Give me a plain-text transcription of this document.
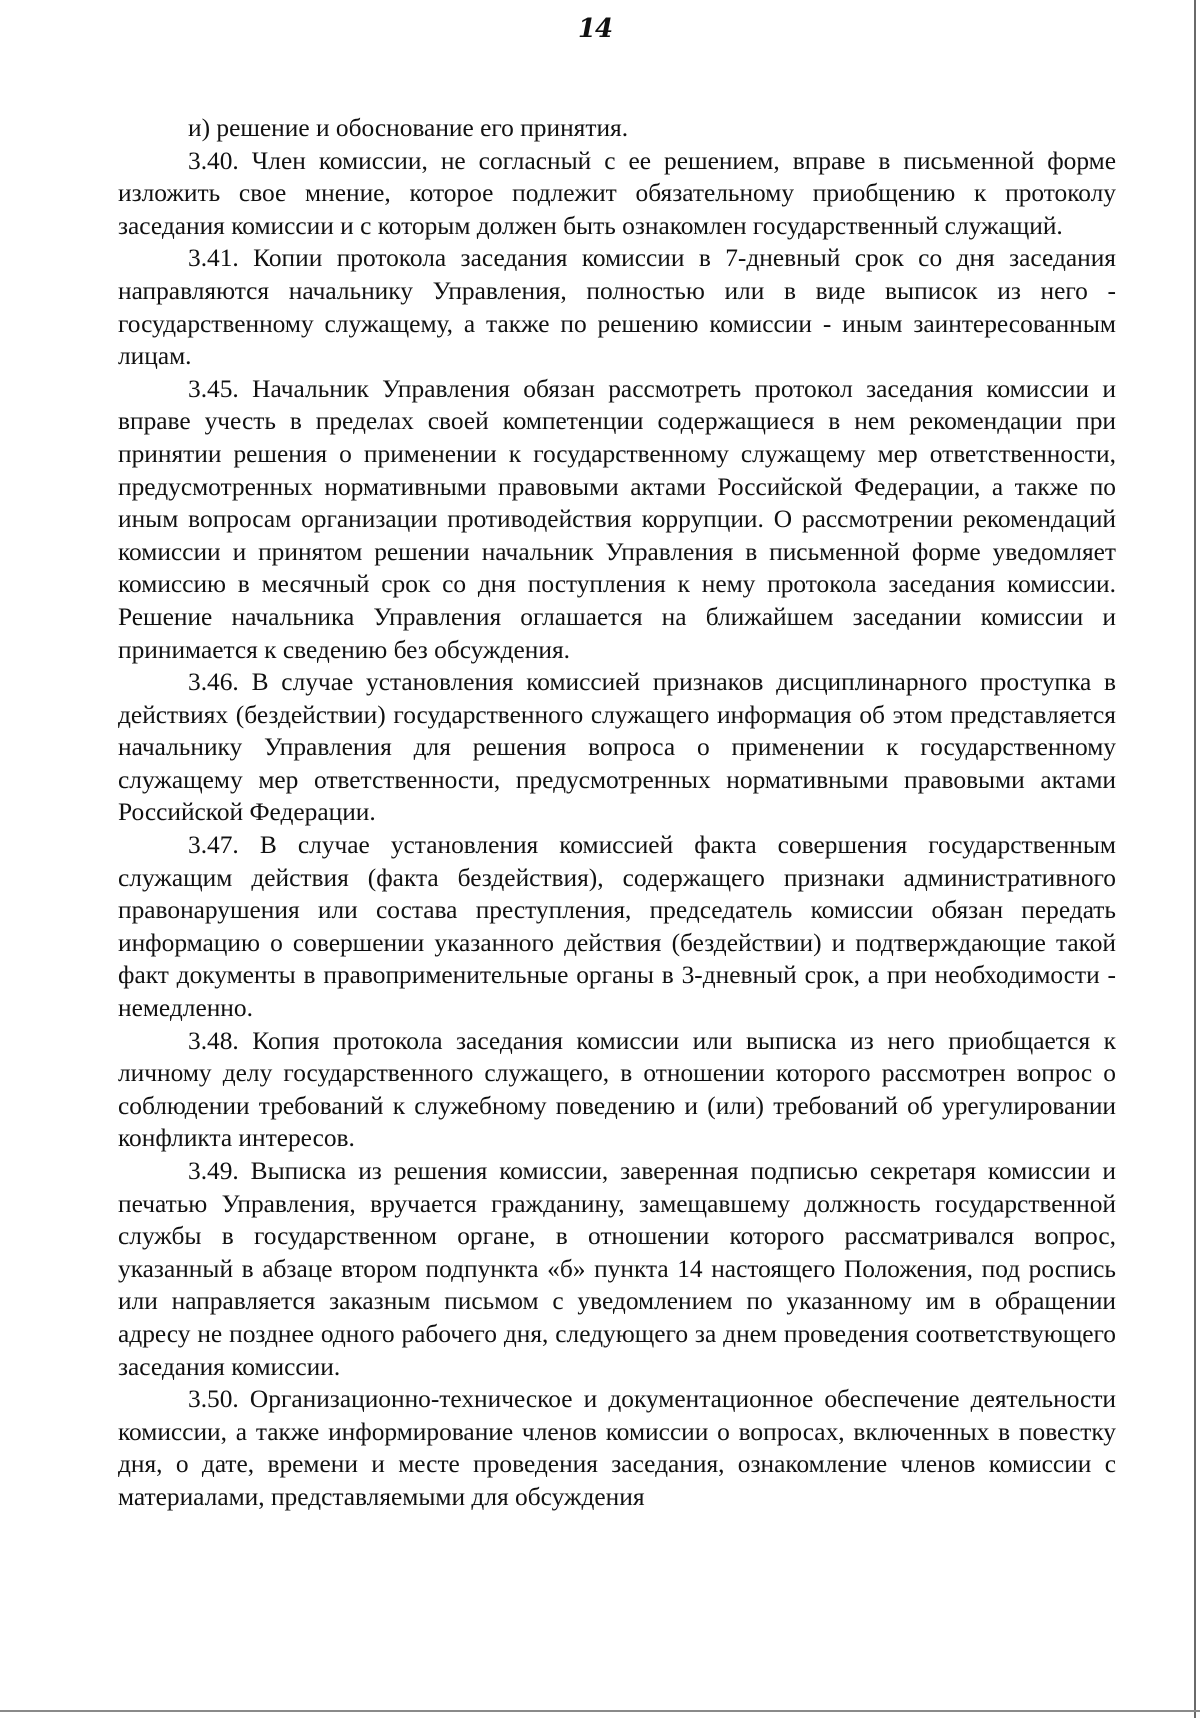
14

и) решение и обоснование его принятия.

3.40. Член комиссии, не согласный с ее решением, вправе в письменной форме изложить свое мнение, которое подлежит обязательному приобщению к протоколу заседания комиссии и с которым должен быть ознакомлен государственный служащий.

3.41. Копии протокола заседания комиссии в 7-дневный срок со дня заседания направляются начальнику Управления, полностью или в виде выписок из него - государственному служащему, а также по решению комиссии - иным заинтересованным лицам.

3.45. Начальник Управления обязан рассмотреть протокол заседания комиссии и вправе учесть в пределах своей компетенции содержащиеся в нем рекомендации при принятии решения о применении к государственному служащему мер ответственности, предусмотренных нормативными правовыми актами Российской Федерации, а также по иным вопросам организации противодействия коррупции. О рассмотрении рекомендаций комиссии и принятом решении начальник Управления в письменной форме уведомляет комиссию в месячный срок со дня поступления к нему протокола заседания комиссии. Решение начальника Управления оглашается на ближайшем заседании комиссии и принимается к сведению без обсуждения.

3.46. В случае установления комиссией признаков дисциплинарного проступка в действиях (бездействии) государственного служащего информация об этом представляется начальнику Управления для решения вопроса о применении к государственному служащему мер ответственности, предусмотренных нормативными правовыми актами Российской Федерации.

3.47. В случае установления комиссией факта совершения государственным служащим действия (факта бездействия), содержащего признаки административного правонарушения или состава преступления, председатель комиссии обязан передать информацию о совершении указанного действия (бездействии) и подтверждающие такой факт документы в правоприменительные органы в 3-дневный срок, а при необходимости - немедленно.

3.48. Копия протокола заседания комиссии или выписка из него приобщается к личному делу государственного служащего, в отношении которого рассмотрен вопрос о соблюдении требований к служебному поведению и (или) требований об урегулировании конфликта интересов.

3.49. Выписка из решения комиссии, заверенная подписью секретаря комиссии и печатью Управления, вручается гражданину, замещавшему должность государственной службы в государственном органе, в отношении которого рассматривался вопрос, указанный в абзаце втором подпункта «б» пункта 14 настоящего Положения, под роспись или направляется заказным письмом с уведомлением по указанному им в обращении адресу не позднее одного рабочего дня, следующего за днем проведения соответствующего заседания комиссии.

3.50. Организационно-техническое и документационное обеспечение деятельности комиссии, а также информирование членов комиссии о вопросах, включенных в повестку дня, о дате, времени и месте проведения заседания, ознакомление членов комиссии с материалами, представляемыми для обсуждения
